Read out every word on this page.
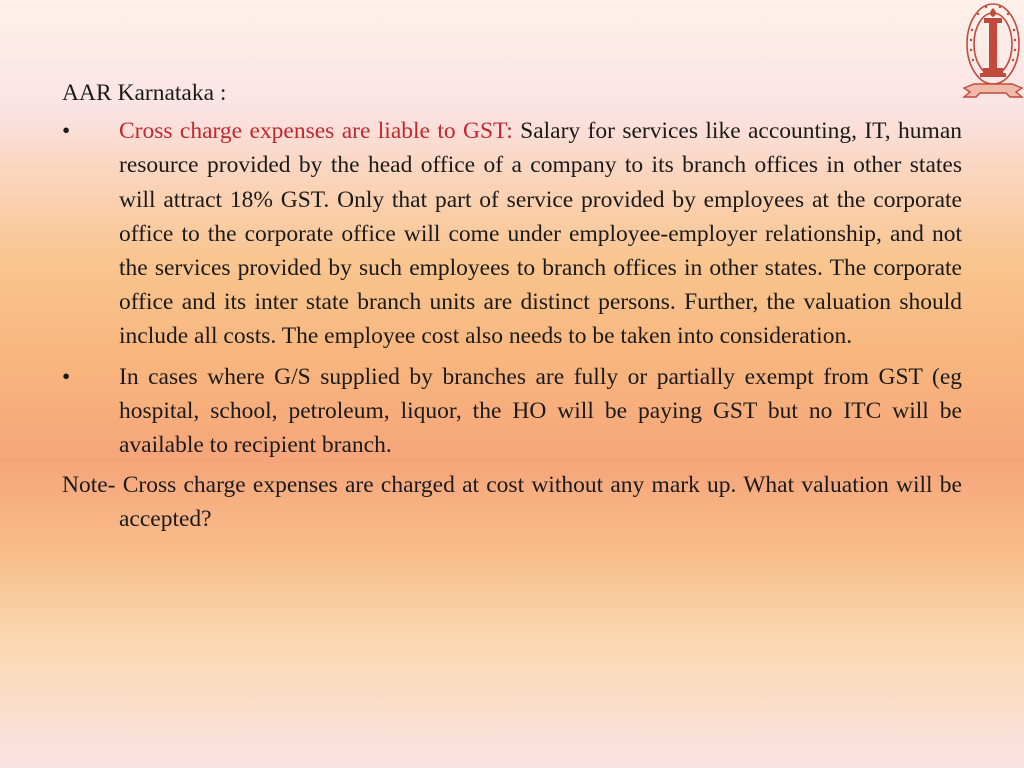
AAR Karnataka :
•	Cross charge expenses are liable to GST: Salary for services like accounting, IT, human resource provided by the head office of a company to its branch offices in other states will attract 18% GST. Only that part of service provided by employees at the corporate office to the corporate office will come under employee-employer relationship, and not the services provided by such employees to branch offices in other states. The corporate office and its inter state branch units are distinct persons. Further, the valuation should include all costs. The employee cost also needs to be taken into consideration.
•	In cases where G/S supplied by branches are fully or partially exempt from GST (eg hospital, school, petroleum, liquor, the HO will be paying GST but no ITC will be available to recipient branch.
Note- Cross charge expenses are charged at cost without any mark up. What valuation will be accepted?
